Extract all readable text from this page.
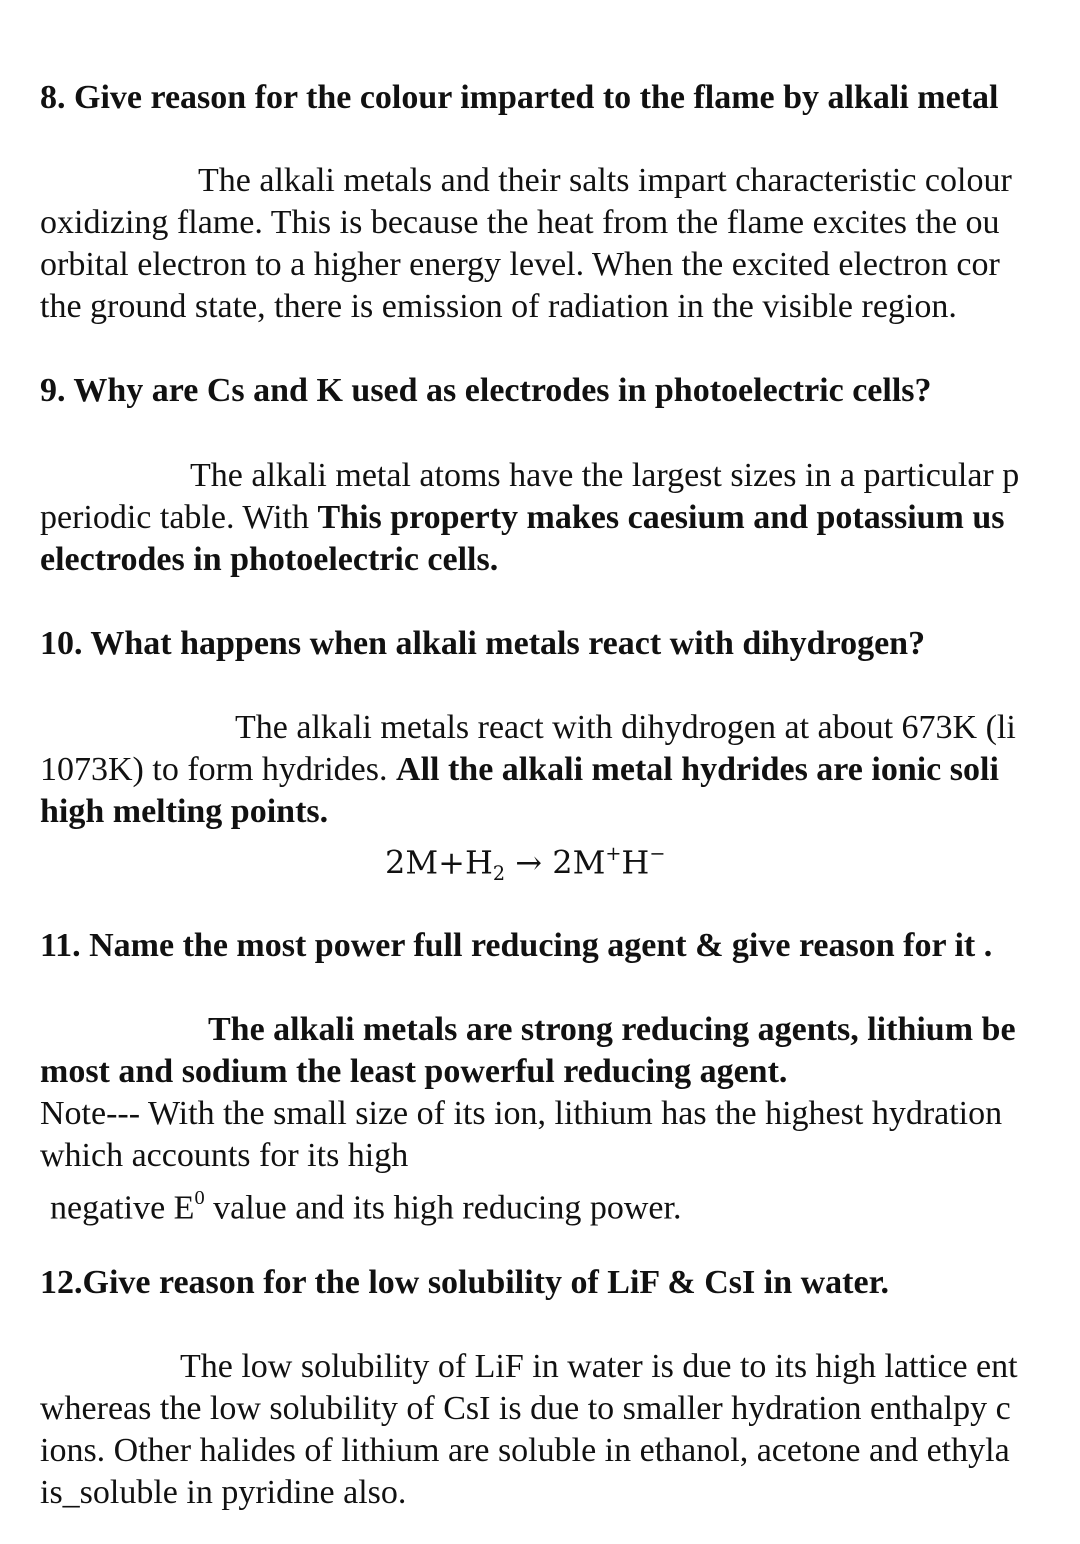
8. Give reason for the colour imparted to the flame by alkali metal
The alkali metals and their salts impart characteristic colour
oxidizing flame. This is because the heat from the flame excites the ou
orbital electron to a higher energy level. When the excited electron cor
the ground state, there is emission of radiation in the visible region.
9. Why are Cs and K used as electrodes in photoelectric cells?
The alkali metal atoms have the largest sizes in a particular p
periodic table. With This property makes caesium and potassium us
electrodes in photoelectric cells.
10. What happens when alkali metals react with dihydrogen?
The alkali metals react with dihydrogen at about 673K (li
1073K) to form hydrides. All the alkali metal hydrides are ionic soli
high melting points.
$2M+H_2 \to 2M^+H^-$
11. Name the most power full reducing agent & give reason for it .
The alkali metals are strong reducing agents, lithium be
most and sodium the least powerful reducing agent.
Note--- With the small size of its ion, lithium has the highest hydration
which accounts for its high
negative $E^0$ value and its high reducing power.
12.Give reason for the low solubility of LiF & CsI in water.
The low solubility of LiF in water is due to its high lattice ent
whereas the low solubility of CsI is due to smaller hydration enthalpy c
ions. Other halides of lithium are soluble in ethanol, acetone and ethyla
is_soluble in pyridine also.
